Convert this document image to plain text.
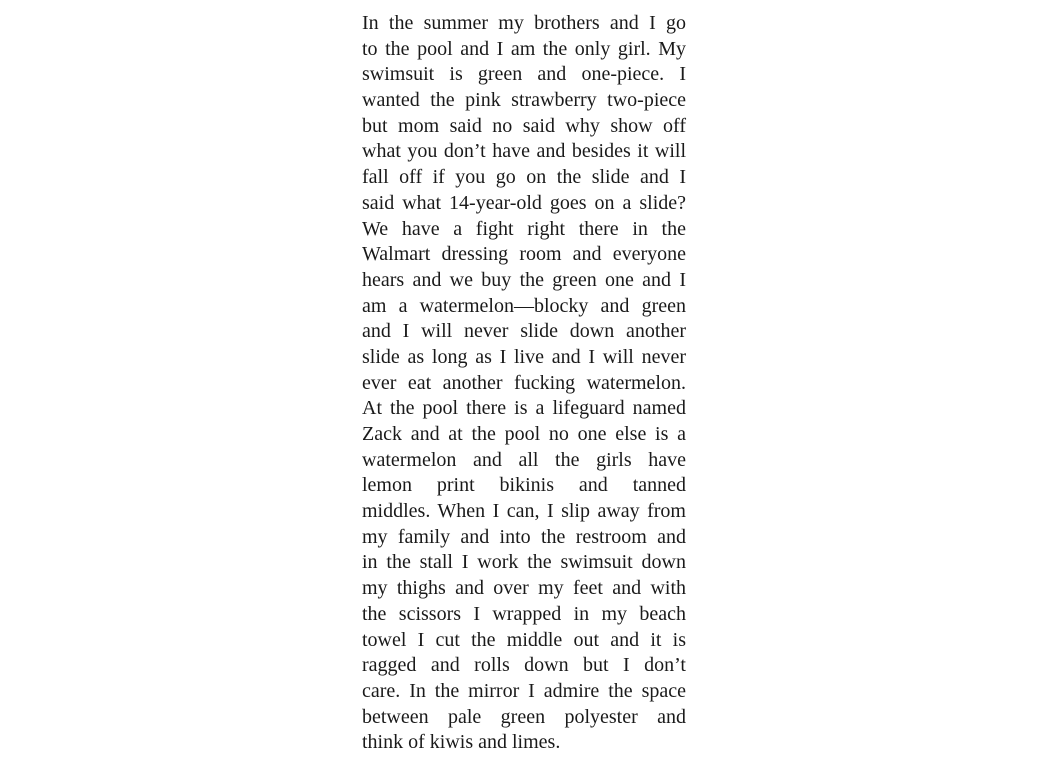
In the summer my brothers and I go
to the pool and I am the only girl. My
swimsuit is green and one-piece. I
wanted the pink strawberry two-piece
but mom said no said why show off
what you don’t have and besides it will
fall off if you go on the slide and I
said what 14-year-old goes on a slide?
We have a fight right there in the
Walmart dressing room and everyone
hears and we buy the green one and I
am a watermelon—blocky and green
and I will never slide down another
slide as long as I live and I will never
ever eat another fucking watermelon.
At the pool there is a lifeguard named
Zack and at the pool no one else is a
watermelon and all the girls have
lemon print bikinis and tanned
middles. When I can, I slip away from
my family and into the restroom and
in the stall I work the swimsuit down
my thighs and over my feet and with
the scissors I wrapped in my beach
towel I cut the middle out and it is
ragged and rolls down but I don’t
care. In the mirror I admire the space
between pale green polyester and
think of kiwis and limes.
